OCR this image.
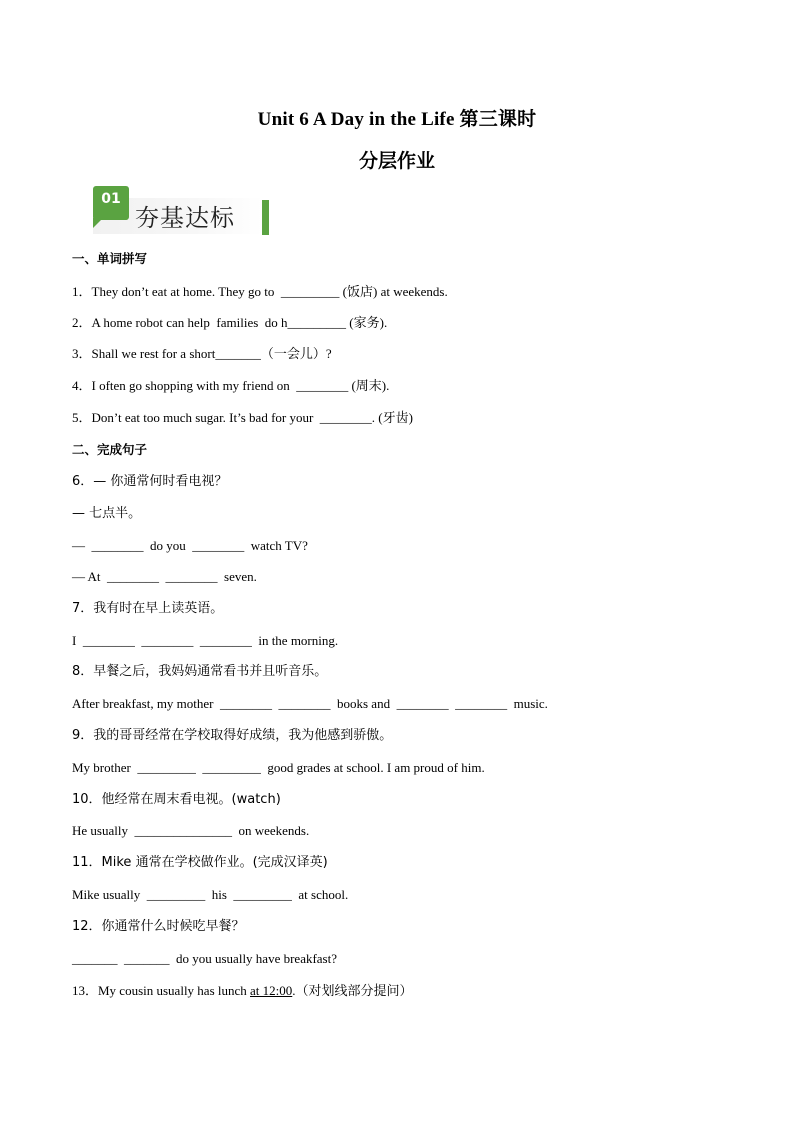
Unit 6 A Day in the Life 第三课时
分层作业
01
夯基达标
一、单词拼写
1．They don’t eat at home. They go to  _________ (饭店) at weekends.
2．A home robot can help  families  do h_________ (家务).
3．Shall we rest for a short_______（一会儿）?
4．I often go shopping with my friend on  ________ (周末).
5．Don’t eat too much sugar. It’s bad for your  ________. (牙齿)
二、完成句子
6．— 你通常何时看电视？
— 七点半。
—  ________  do you  ________  watch TV?
— At  ________  ________  seven.
7．我有时在早上读英语。
I  ________  ________  ________  in the morning.
8．早餐之后，我妈妈通常看书并且听音乐。
After breakfast, my mother  ________  ________  books and  ________  ________  music.
9．我的哥哥经常在学校取得好成绩，我为他感到骄傲。
My brother  _________  _________  good grades at school. I am proud of him.
10．他经常在周末看电视。(watch)
He usually  _______________  on weekends.
11．Mike 通常在学校做作业。(完成汉译英)
Mike usually  _________  his  _________  at school.
12．你通常什么时候吃早餐？
_______  _______  do you usually have breakfast?
13．My cousin usually has lunch at 12:00.（对划线部分提问）
